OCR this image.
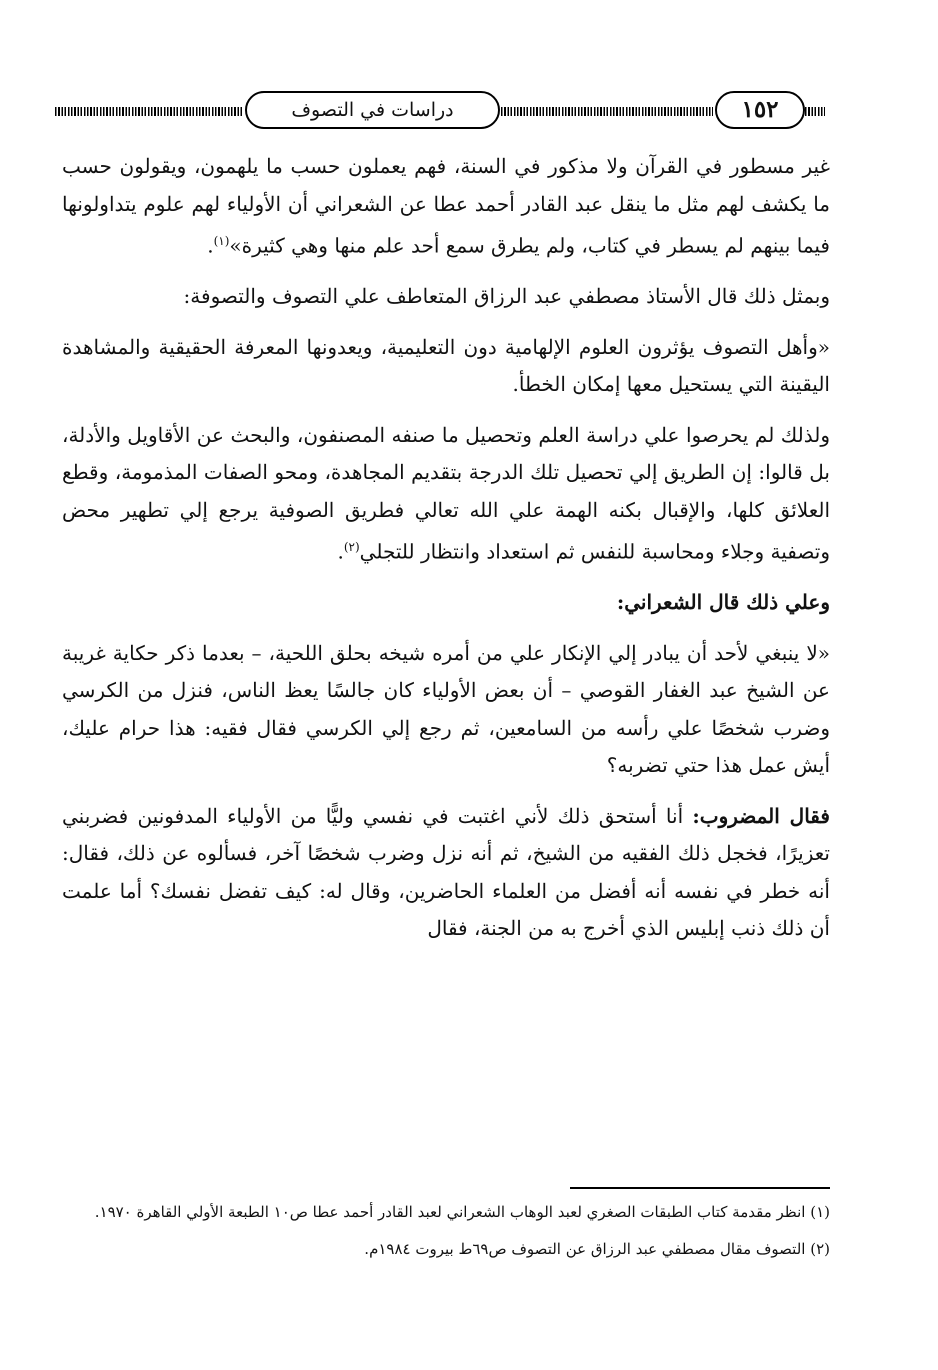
١٥٢
دراسات في التصوف

غير مسطور في القرآن ولا مذكور في السنة، فهم يعملون حسب ما يلهمون، ويقولون حسب ما يكشف لهم مثل ما ينقل عبد القادر أحمد عطا عن الشعراني أن الأولياء لهم علوم يتداولونها فيما بينهم لم يسطر في كتاب، ولم يطرق سمع أحد علم منها وهي كثيرة»$^{(١)}$.

وبمثل ذلك قال الأستاذ مصطفي عبد الرزاق المتعاطف علي التصوف والتصوفة:

«وأهل التصوف يؤثرون العلوم الإلهامية دون التعليمية، ويعدونها المعرفة الحقيقية والمشاهدة اليقينة التي يستحيل معها إمكان الخطأ.

ولذلك لم يحرصوا علي دراسة العلم وتحصيل ما صنفه المصنفون، والبحث عن الأقاويل والأدلة، بل قالوا: إن الطريق إلي تحصيل تلك الدرجة بتقديم المجاهدة، ومحو الصفات المذمومة، وقطع العلائق كلها، والإقبال بكنه الهمة علي الله تعالي فطريق الصوفية يرجع إلي تطهير محض وتصفية وجلاء ومحاسبة للنفس ثم استعداد وانتظار للتجلي$^{(٢)}$.

وعلي ذلك قال الشعراني:

«لا ينبغي لأحد أن يبادر إلي الإنكار علي من أمره شيخه بحلق اللحية، – بعدما ذكر حكاية غريبة عن الشيخ عبد الغفار القوصي – أن بعض الأولياء كان جالسًا يعظ الناس، فنزل من الكرسي وضرب شخصًا علي رأسه من السامعين، ثم رجع إلي الكرسي فقال فقيه: هذا حرام عليك، أيش عمل هذا حتي تضربه؟

فقال المضروب: أنا أستحق ذلك لأني اغتبت في نفسي وليًّا من الأولياء المدفونين فضربني تعزيرًا، فخجل ذلك الفقيه من الشيخ، ثم أنه نزل وضرب شخصًا آخر، فسألوه عن ذلك، فقال: أنه خطر في نفسه أنه أفضل من العلماء الحاضرين، وقال له: كيف تفضل نفسك؟ أما علمت أن ذلك ذنب إبليس الذي أخرج به من الجنة، فقال

(١) انظر مقدمة كتاب الطبقات الصغري لعبد الوهاب الشعراني لعبد القادر أحمد عطا ص١٠ الطبعة الأولي القاهرة ١٩٧٠.

(٢) التصوف مقال مصطفي عبد الرزاق عن التصوف ص٦٩ط بيروت ١٩٨٤م.
